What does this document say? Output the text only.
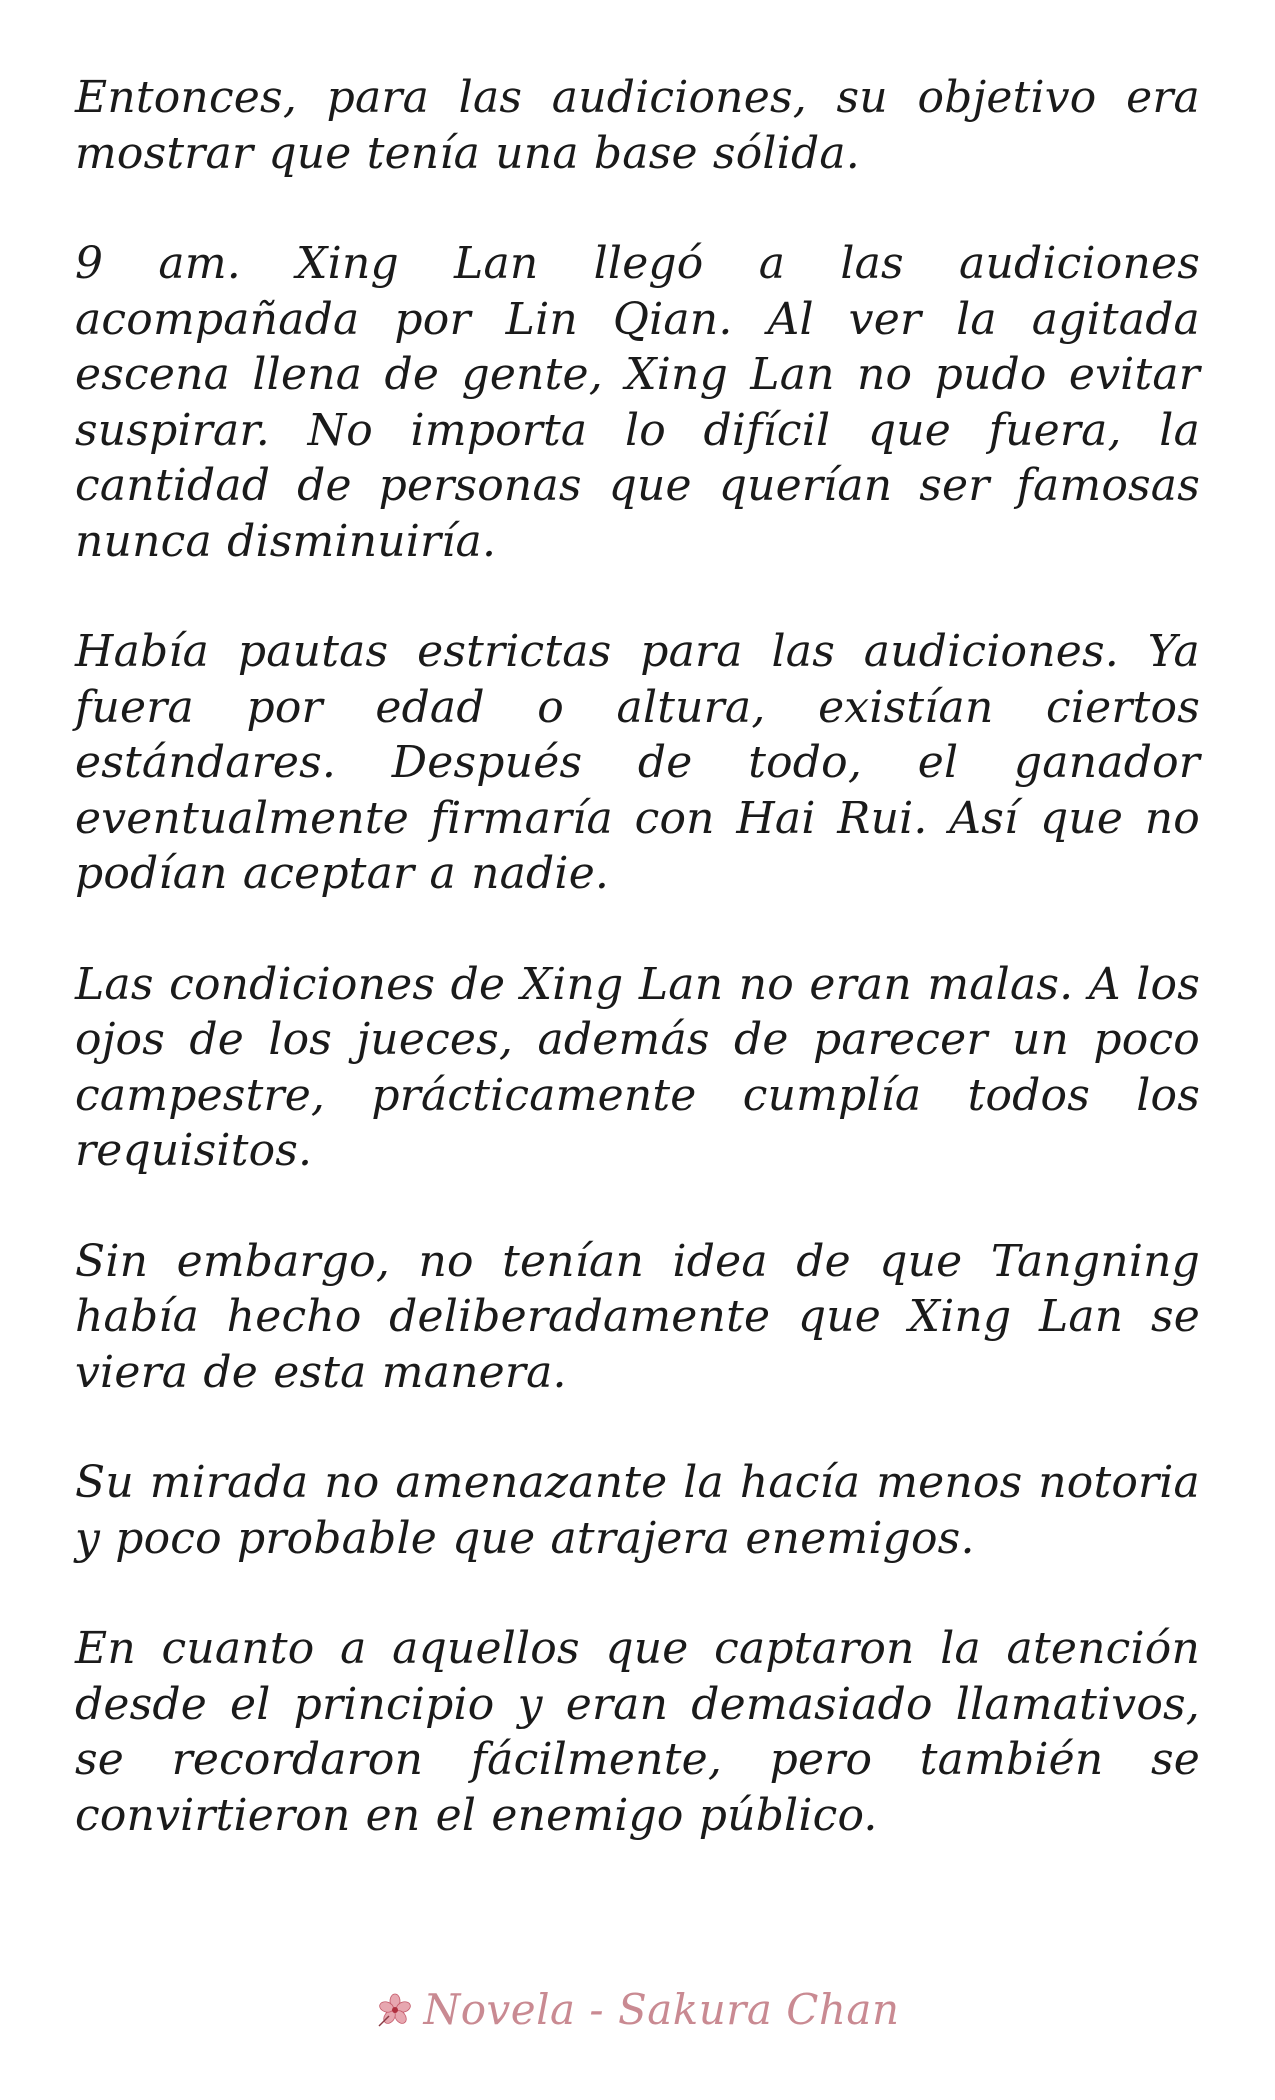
Entonces, para las audiciones, su objetivo era mostrar que tenía una base sólida.

9 am. Xing Lan llegó a las audiciones acompañada por Lin Qian. Al ver la agitada escena llena de gente, Xing Lan no pudo evitar suspirar. No importa lo difícil que fuera, la cantidad de personas que querían ser famosas nunca disminuiría.

Había pautas estrictas para las audiciones. Ya fuera por edad o altura, existían ciertos estándares. Después de todo, el ganador eventualmente firmaría con Hai Rui. Así que no podían aceptar a nadie.

Las condiciones de Xing Lan no eran malas. A los ojos de los jueces, además de parecer un poco campestre, prácticamente cumplía todos los requisitos.

Sin embargo, no tenían idea de que Tangning había hecho deliberadamente que Xing Lan se viera de esta manera.

Su mirada no amenazante la hacía menos notoria y poco probable que atrajera enemigos.

En cuanto a aquellos que captaron la atención desde el principio y eran demasiado llamativos, se recordaron fácilmente, pero también se convirtieron en el enemigo público.

Novela - Sakura Chan
